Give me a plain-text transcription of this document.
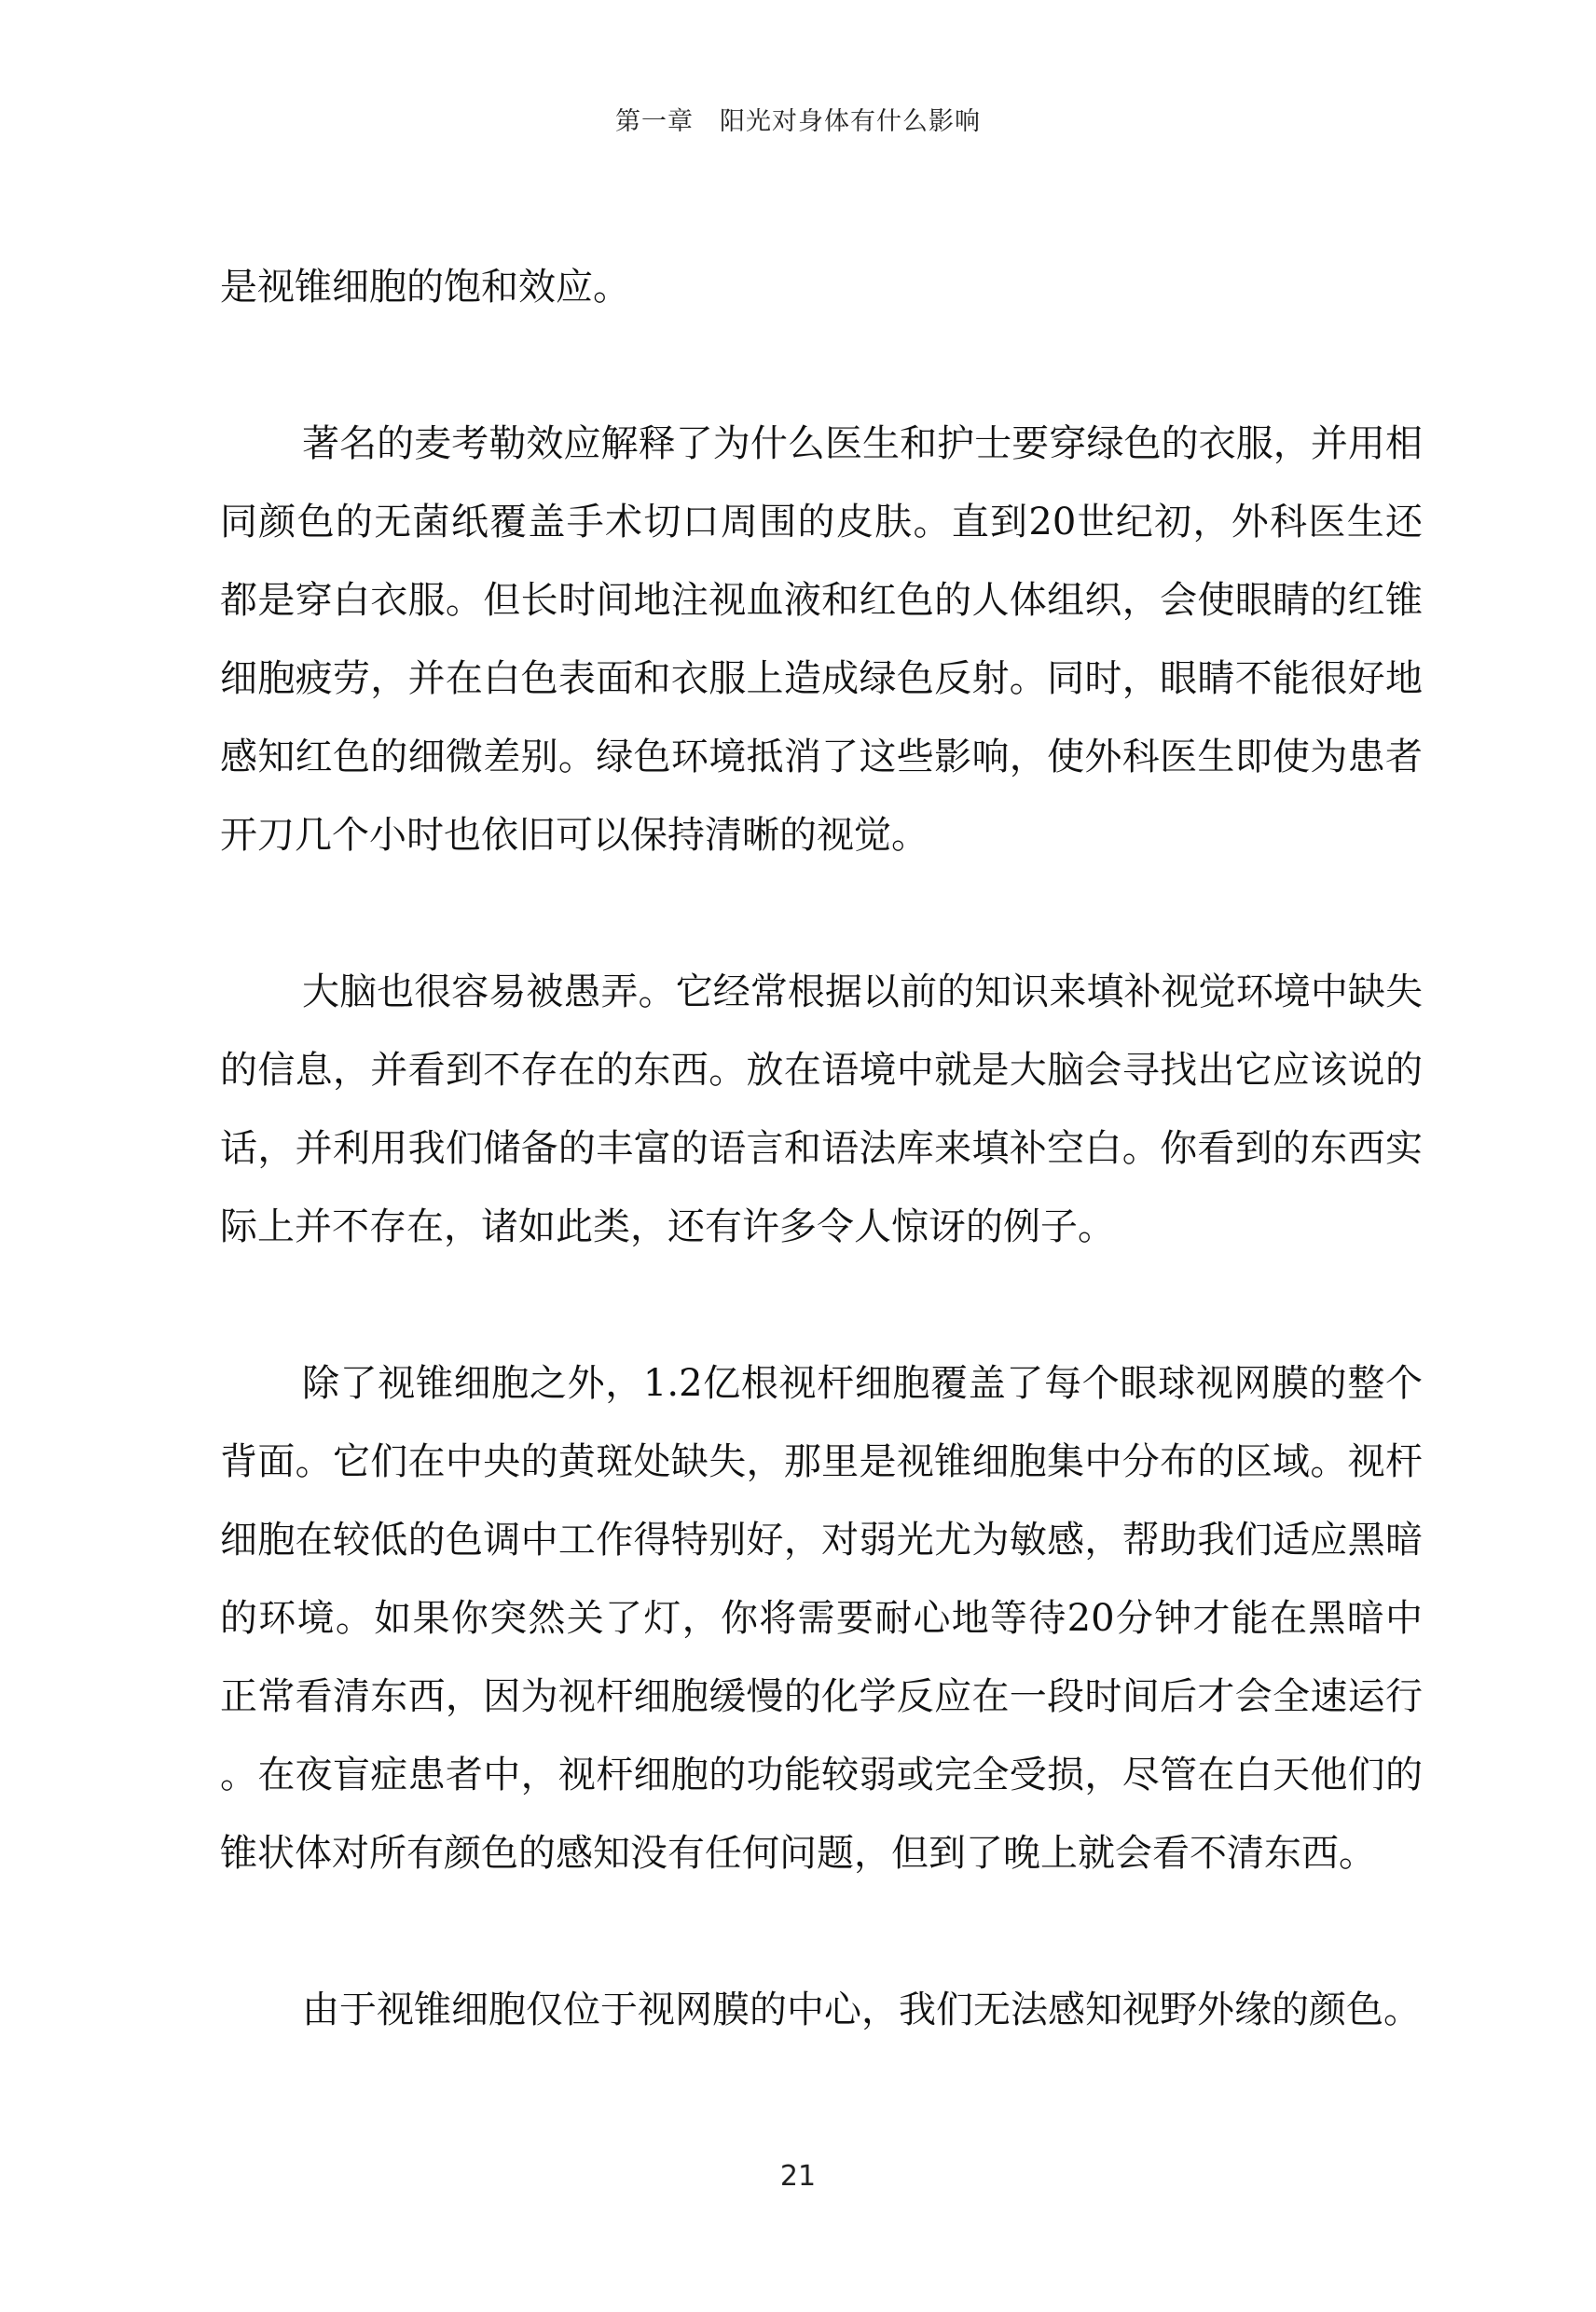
第一章　阳光对身体有什么影响

是视锥细胞的饱和效应。

著名的麦考勒效应解释了为什么医生和护士要穿绿色的衣服，并用相同颜色的无菌纸覆盖手术切口周围的皮肤。直到20世纪初，外科医生还都是穿白衣服。但长时间地注视血液和红色的人体组织，会使眼睛的红锥细胞疲劳，并在白色表面和衣服上造成绿色反射。同时，眼睛不能很好地感知红色的细微差别。绿色环境抵消了这些影响，使外科医生即使为患者开刀几个小时也依旧可以保持清晰的视觉。

大脑也很容易被愚弄。它经常根据以前的知识来填补视觉环境中缺失的信息，并看到不存在的东西。放在语境中就是大脑会寻找出它应该说的话，并利用我们储备的丰富的语言和语法库来填补空白。你看到的东西实际上并不存在，诸如此类，还有许多令人惊讶的例子。

除了视锥细胞之外，1.2亿根视杆细胞覆盖了每个眼球视网膜的整个背面。它们在中央的黄斑处缺失，那里是视锥细胞集中分布的区域。视杆细胞在较低的色调中工作得特别好，对弱光尤为敏感，帮助我们适应黑暗的环境。如果你突然关了灯，你将需要耐心地等待20分钟才能在黑暗中正常看清东西，因为视杆细胞缓慢的化学反应在一段时间后才会全速运行。在夜盲症患者中，视杆细胞的功能较弱或完全受损，尽管在白天他们的锥状体对所有颜色的感知没有任何问题，但到了晚上就会看不清东西。

由于视锥细胞仅位于视网膜的中心，我们无法感知视野外缘的颜色。

21
